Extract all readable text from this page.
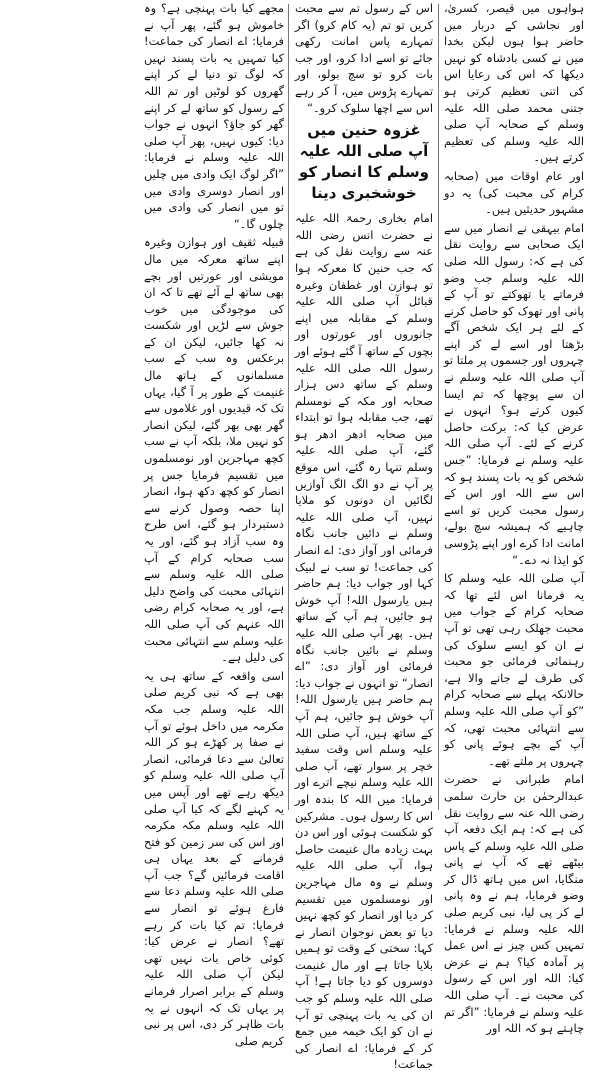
ہواہوں میں قیصر، کسریٰ، اور نجاشی کے دربار میں حاضر ہوا ہوں لیکن بخدا میں نے کسی بادشاہ کو نہیں دیکھا کہ اس کی رعایا اس کی اتنی تعظیم کرتی ہو جتنی محمد صلی اللہ علیہ وسلم کے صحابہ آپ صلی اللہ علیہ وسلم کی تعظیم کرتے ہیں۔

اور عام اوقات میں (صحابہ کرام کی محبت کی) یہ دو مشہور حدیثیں ہیں۔

امام بیہقی نے انصار میں سے ایک صحابی سے روایت نقل کی ہے کہ: رسول اللہ صلی اللہ علیہ وسلم جب وضو فرماتے یا تھوکتے تو آپ کے پانی اور تھوک کو حاصل کرنے کے لئے ہر ایک شخص آگے بڑھتا اور اسے لے کر اپنے چہروں اور جسموں پر ملتا تو آپ صلی اللہ علیہ وسلم نے ان سے پوچھا کہ تم ایسا کیوں کرتے ہو؟ انہوں نے عرض کیا کہ: برکت حاصل کرنے کے لئے۔ آپ صلی اللہ علیہ وسلم نے فرمایا: ”جس شخص کو یہ بات پسند ہو کہ اس سے اللہ اور اس کے رسول محبت کریں تو اسے چاہیے کہ ہمیشہ سچ بولے، امانت ادا کرے اور اپنے پڑوسی کو ایذا نہ دے۔“

آپ صلی اللہ علیہ وسلم کا یہ فرمانا اس لئے تھا کہ صحابہ کرام کے جواب میں محبت جھلک رہی تھی تو آپ نے ان کو ایسے سلوک کی رہنمائی فرمائی جو محبت کی طرف لے جانے والا ہے، حالانکہ پہلے سے صحابہ کرام ”کو آپ صلی اللہ علیہ وسلم سے انتہائی محبت تھی، کہ آپ کے بچے ہوئے پانی کو چہروں پر ملتے تھے۔

امام طبرانی نے حضرت عبدالرحمٰن بن حارث سلمی رضی اللہ عنہ سے روایت نقل کی ہے کہ: ہم ایک دفعہ آپ صلی اللہ علیہ وسلم کے پاس بیٹھے تھے کہ آپ نے پانی منگایا، اس میں ہاتھ ڈال کر وضو فرمایا، ہم نے وہ پانی لے کر پی لیا، نبی کریم صلی اللہ علیہ وسلم نے فرمایا: تمہیں کس چیز نے اس عمل پر آمادہ کیا؟ ہم نے عرض کیا: اللہ اور اس کے رسول کی محبت نے۔ آپ صلی اللہ علیہ وسلم نے فرمایا: ”اگر تم چاہتے ہو کہ اللہ اور

اس کے رسول تم سے محبت کریں تو تم (یہ کام کرو) اگر تمہارے پاس امانت رکھی جائے تو اسے ادا کرو، اور جب بات کرو تو سچ بولو، اور تمہارے پڑوس میں، آ کر رہے اس سے اچھا سلوک کرو۔“

غزوہ حنین میں آپ صلی اللہ علیہ وسلم کا انصار کو خوشخبری دینا

امام بخاری رحمۃ اللہ علیہ نے حضرت انس رضی اللہ عنہ سے روایت نقل کی ہے کہ جب حنین کا معرکہ ہوا تو ہوازن اور غطفان وغیرہ قبائل آپ صلی اللہ علیہ وسلم کے مقابلہ میں اپنے جانوروں اور عورتوں اور بچوں کے ساتھ آ گئے ہوئے اور رسول اللہ صلی اللہ علیہ وسلم کے ساتھ دس ہزار صحابہ اور مکہ کے نومسلم تھے، جب مقابلہ ہوا تو ابتداء میں صحابہ ادھر ادھر ہو گئے، آپ صلی اللہ علیہ وسلم تنہا رہ گئے، اس موقع پر آپ نے دو الگ الگ آوازیں لگائیں ان دونوں کو ملایا نہیں، آپ صلی اللہ علیہ وسلم نے دائیں جانب نگاہ فرمائی اور آواز دی: اے انصار کی جماعت! تو سب نے لبیک کہا اور جواب دیا: ہم حاضر ہیں یارسول اللہ! آپ خوش ہو جائیں، ہم آپ کے ساتھ ہیں۔ پھر آپ صلی اللہ علیہ وسلم نے بائیں جانب نگاہ فرمائی اور آواز دی: ”اے انصار“ تو انہوں نے جواب دیا: ہم حاضر ہیں یارسول اللہ! آپ خوش ہو جائیں، ہم آپ کے ساتھ ہیں، آپ صلی اللہ علیہ وسلم اس وقت سفید خچر پر سوار تھے، آپ صلی اللہ علیہ وسلم نیچے اترے اور فرمایا: میں اللہ کا بندہ اور اس کا رسول ہوں۔ مشرکین کو شکست ہوئی اور اس دن بہت زیادہ مال غنیمت حاصل ہوا، آپ صلی اللہ علیہ وسلم نے وہ مال مہاجرین اور نومسلموں میں تقسیم کر دیا اور انصار کو کچھ نہیں دیا تو بعض نوجوان انصار نے کہا: سختی کے وقت تو ہمیں بلایا جاتا ہے اور مال غنیمت دوسروں کو دیا جاتا ہے! آپ صلی اللہ علیہ وسلم کو جب ان کی یہ بات پہنچی تو آپ نے ان کو ایک خیمہ میں جمع کر کے فرمایا: اے انصار کی جماعت!

مجھے کیا بات پہنچی ہے؟ وہ خاموش ہو گئے، پھر آپ نے فرمایا: اے انصار کی جماعت! کیا تمہیں یہ بات پسند نہیں کہ لوگ تو دنیا لے کر اپنے گھروں کو لوٹیں اور تم اللہ کے رسول کو ساتھ لے کر اپنے گھر کو جاؤ؟ انہوں نے جواب دیا: کیوں نہیں، پھر آپ صلی اللہ علیہ وسلم نے فرمایا: ”اگر لوگ ایک وادی میں چلیں اور انصار دوسری وادی میں تو میں انصار کی وادی میں چلوں گا۔“

قبیلہ ثقیف اور ہوازن وغیرہ اپنے ساتھ معرکہ میں مال مویشی اور عورتیں اور بچے بھی ساتھ لے آئے تھے تا کہ ان کی موجودگی میں خوب جوش سے لڑیں اور شکست نہ کھا جائیں، لیکن ان کے برعکس وہ سب کے سب مسلمانوں کے ہاتھ مال غنیمت کے طور پر آ گیا، یہاں تک کہ قیدیوں اور غلاموں سے گھر بھی بھر گئے، لیکن انصار کو نہیں ملا، بلکہ آپ نے سب کچھ مہاجرین اور نومسلموں میں تقسیم فرمایا جس پر انصار کو کچھ دکھ ہوا، انصار اپنا حصہ وصول کرنے سے دستبردار ہو گئے، اس طرح وہ سب آزاد ہو گئے، اور یہ سب صحابہ کرام کے آپ صلی اللہ علیہ وسلم سے انتہائی محبت کی واضح دلیل ہے، اور یہ صحابہ کرام رضی اللہ عنہم کی آپ صلی اللہ علیہ وسلم سے انتہائی محبت کی دلیل ہے۔

اسی واقعہ کے ساتھ ہی یہ بھی ہے کہ نبی کریم صلی اللہ علیہ وسلم جب مکہ مکرمہ میں داخل ہوئے تو آپ نے صفا پر کھڑے ہو کر اللہ تعالیٰ سے دعا فرمائی، انصار آپ صلی اللہ علیہ وسلم کو دیکھ رہے تھے اور آپس میں یہ کہنے لگے کہ کیا آپ صلی اللہ علیہ وسلم مکہ مکرمہ اور اس کی سر زمین کو فتح فرمانے کے بعد یہاں ہی اقامت فرمائیں گے؟ جب آپ صلی اللہ علیہ وسلم دعا سے فارغ ہوئے تو انصار سے فرمایا: تم کیا بات کر رہے تھے؟ انصار نے عرض کیا: کوئی خاص بات نہیں تھی لیکن آپ صلی اللہ علیہ وسلم کے برابر اصرار فرمانے پر یہاں تک کہ انہوں نے یہ بات ظاہر کر دی، اس پر نبی کریم صلی
